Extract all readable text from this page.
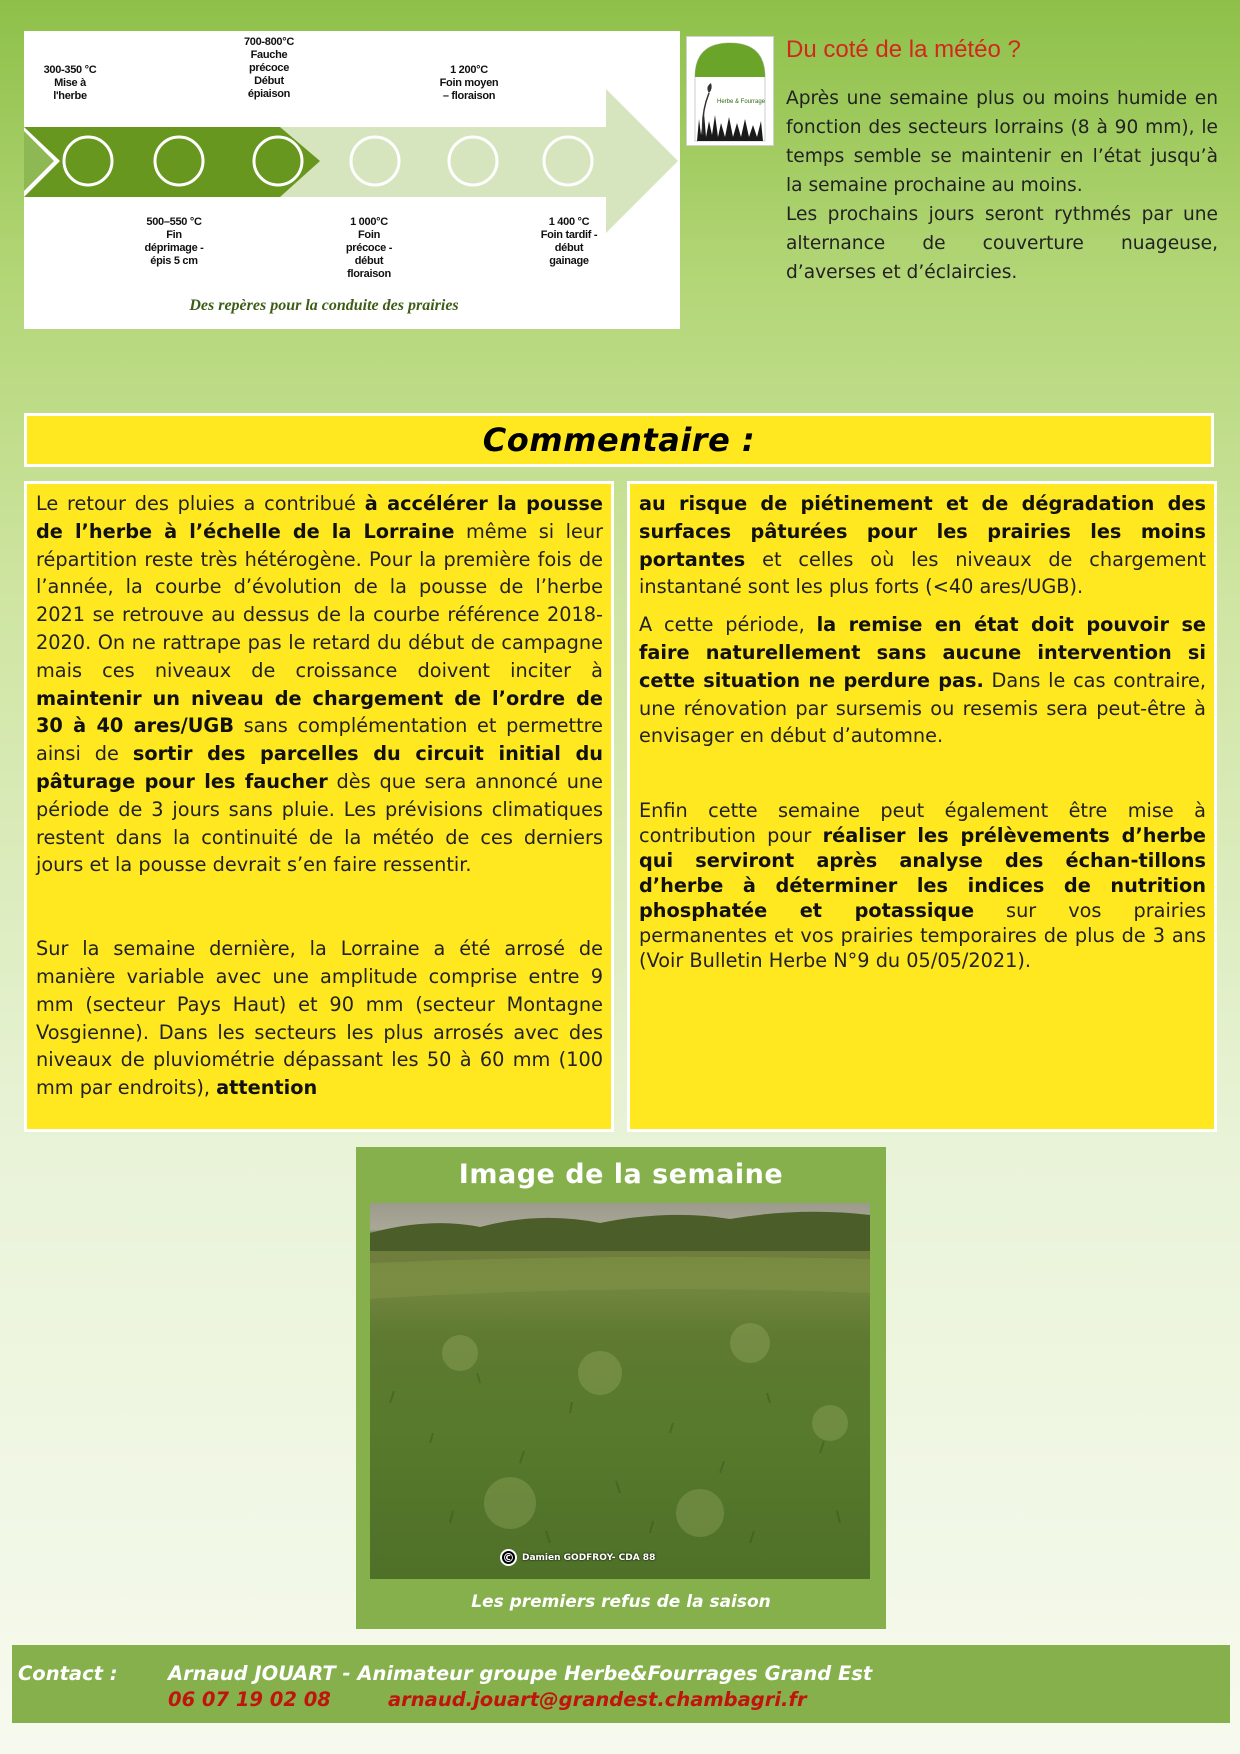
300-350 °C
Mise à
l'herbe
700-800°C
Fauche
précoce
Début
épiaison
1 200°C
Foin moyen
– floraison
500–550 °C
Fin
déprimage -
épis 5 cm
1 000°C
Foin
précoce -
début
floraison
1 400 °C
Foin tardif -
début
gainage
Des repères pour la conduite des prairies
Herbe & Fourrage
Du coté de la météo ?

Après une semaine plus ou moins humide en fonction des secteurs lorrains (8 à 90 mm), le temps semble se maintenir en l’état jusqu’à la semaine prochaine au moins.

Les prochains jours seront rythmés par une alternance de couverture nuageuse, d’averses et d’éclaircies.

Commentaire :

Le retour des pluies a contribué à accélérer la pousse de l’herbe à l’échelle de la Lorraine même si leur répartition reste très hétérogène. Pour la première fois de l’année, la courbe d’évolution de la pousse de l’herbe 2021 se retrouve au dessus de la courbe référence 2018-2020. On ne rattrape pas le retard du début de campagne mais ces niveaux de croissance doivent inciter à maintenir un niveau de chargement de l’ordre de 30 à 40 ares/UGB sans complémentation et permettre ainsi de sortir des parcelles du circuit initial du pâturage pour les faucher dès que sera annoncé une période de 3 jours sans pluie. Les prévisions climatiques restent dans la continuité de la météo de ces derniers jours et la pousse devrait s’en faire ressentir.

Sur la semaine dernière, la Lorraine a été arrosé de manière variable avec une amplitude comprise entre 9 mm (secteur Pays Haut) et 90 mm (secteur Montagne Vosgienne). Dans les secteurs les plus arrosés avec des niveaux de pluviométrie dépassant les 50 à 60 mm (100 mm par endroits), attention

au risque de piétinement et de dégradation des surfaces pâturées pour les prairies les moins portantes et celles où les niveaux de chargement instantané sont les plus forts (<40 ares/UGB).

A cette période, la remise en état doit pouvoir se faire naturellement sans aucune intervention si cette situation ne perdure pas. Dans le cas contraire, une rénovation par sursemis ou resemis sera peut-être à envisager en début d’automne.

Enfin cette semaine peut également être mise à contribution pour réaliser les prélèvements d’herbe qui serviront après analyse des échan-tillons d’herbe à déterminer les indices de nutrition phosphatée et potassique sur vos prairies permanentes et vos prairies temporaires de plus de 3 ans (Voir Bulletin Herbe N°9 du 05/05/2021).

Image de la semaine
© Damien GODFROY- CDA 88
Les premiers refus de la saison
Contact :	Arnaud JOUART - Animateur groupe Herbe&Fourrages Grand Est
06 07 19 02 08	arnaud.jouart@grandest.chambagri.fr
